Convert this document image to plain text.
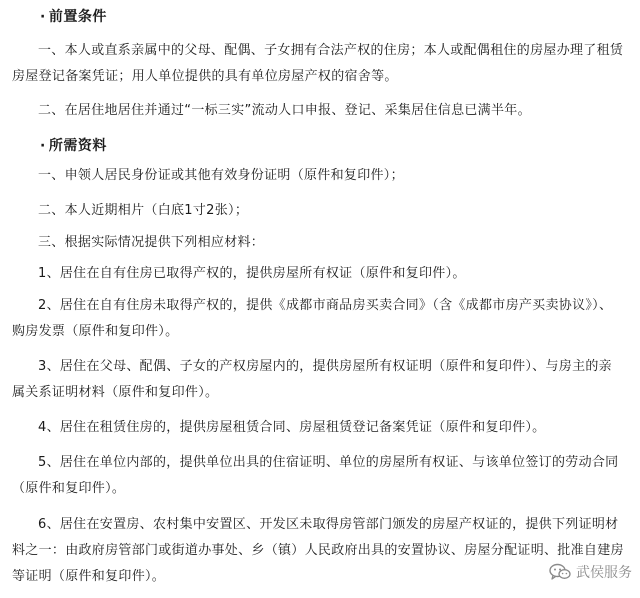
· 前置条件
一、本人或直系亲属中的父母、配偶、子女拥有合法产权的住房；本人或配偶租住的房屋办理了租赁房屋登记备案凭证；用人单位提供的具有单位房屋产权的宿舍等。
二、在居住地居住并通过“一标三实”流动人口申报、登记、采集居住信息已满半年。
· 所需资料
一、申领人居民身份证或其他有效身份证明（原件和复印件）；
二、本人近期相片（白底1寸2张）；
三、根据实际情况提供下列相应材料：
1、居住在自有住房已取得产权的，提供房屋所有权证（原件和复印件）。
2、居住在自有住房未取得产权的，提供《成都市商品房买卖合同》（含《成都市房产买卖协议》）、购房发票（原件和复印件）。
3、居住在父母、配偶、子女的产权房屋内的，提供房屋所有权证明（原件和复印件）、与房主的亲属关系证明材料（原件和复印件）。
4、居住在租赁住房的，提供房屋租赁合同、房屋租赁登记备案凭证（原件和复印件）。
5、居住在单位内部的，提供单位出具的住宿证明、单位的房屋所有权证、与该单位签订的劳动合同（原件和复印件）。
6、居住在安置房、农村集中安置区、开发区未取得房管部门颁发的房屋产权证的，提供下列证明材料之一：由政府房管部门或街道办事处、乡（镇）人民政府出具的安置协议、房屋分配证明、批准自建房等证明（原件和复印件）。	武侯服务
